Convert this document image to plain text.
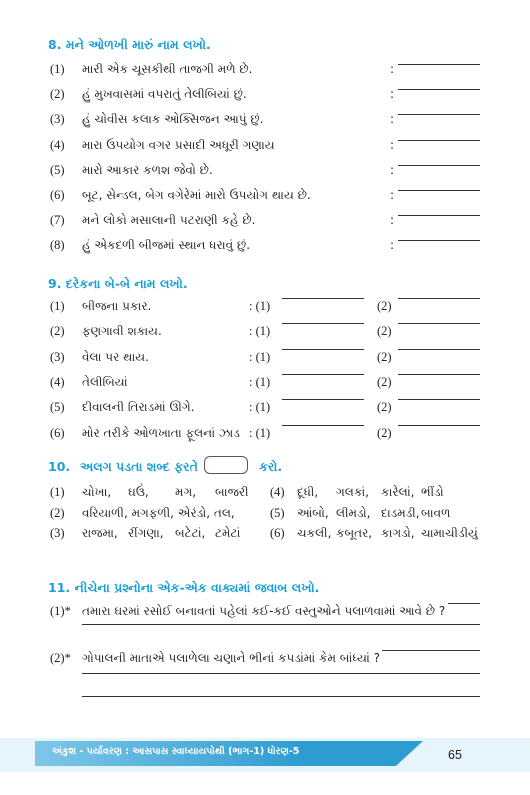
8. મને ઓળખી મારું નામ લખો.
(1) મારી એક ચૂસકીથી તાજગી મળે છે.	:
(2) હું મુખવાસમાં વપરાતું તેલીબિયાં છું.	:
(3) હું ચોવીસ કલાક ઓક્સિજન આપું છું.	:
(4) મારા ઉપયોગ વગર પ્રસાદી અધૂરી ગણાય	:
(5) મારો આકાર કળશ જેવો છે.	:
(6) બૂટ, સેન્ડલ, બેગ વગેરેમાં મારો ઉપયોગ થાય છે.	:
(7) મને લોકો મસાલાની પટરાણી કહે છે.	:
(8) હું એકદળી બીજમાં સ્થાન ધરાવું છું.	:
9. દરેકના બે-બે નામ લખો.
(1) બીજના પ્રકાર.	: (1)	(2)
(2) ફણગાવી શકાય.	: (1)	(2)
(3) વેલા પર થાય.	: (1)	(2)
(4) તેલીબિયાં	: (1)	(2)
(5) દીવાલની તિરાડમાં ઊગે.	: (1)	(2)
(6) મોર તરીકે ઓળખાતા ફૂલનાં ઝાડ : (1)	(2)
10. અલગ પડતા શબ્દ ફરતે	કરો.
(1) ચોખા, ઘઉં, મગ, બાજરી (4) દૂધી, ગલકાં, કારેલાં, ભીંડો
(2) વરિયાળી, મગફળી, એરંડો, તલ,	(5) આંબો, લીમડો, દાડમડી, બાવળ
(3) રાજમા, રીંગણા, બટેટાં, ટમેટાં (6) ચકલી, કબૂતર, કાગડો, ચામાચીડીયું
11. નીચેના પ્રશ્નોના એક-એક વાક્યમાં જવાબ લખો.
(1)* તમારા ઘરમાં રસોઈ બનાવતાં પહેલાં કઈ-કઈ વસ્તુઓને પલાળવામાં આવે છે ?
(2)* ગોપાલની માતાએ પલાળેલા ચણાને ભીનાં કપડાંમાં કેમ બાંધ્યાં ?
અંકુશ - પર્યાવરણ : આસપાસ સ્વાધ્યાયપોથી (ભાગ-1) ધોરણ-5	65
